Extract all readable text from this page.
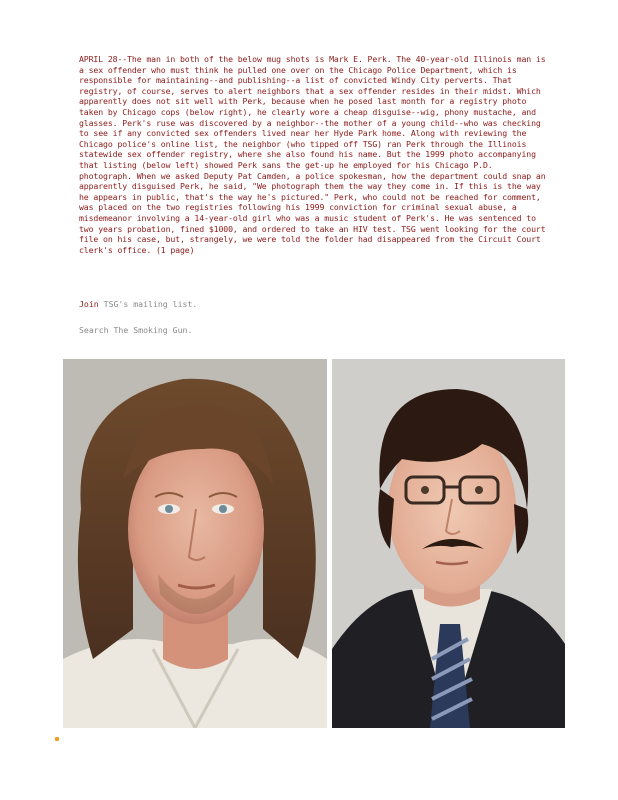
APRIL 28--The man in both of the below mug shots is Mark E. Perk. The 40-year-old Illinois man is a sex offender who must think he pulled one over on the Chicago Police Department, which is responsible for maintaining--and publishing--a list of convicted Windy City perverts. That registry, of course, serves to alert neighbors that a sex offender resides in their midst. Which apparently does not sit well with Perk, because when he posed last month for a registry photo taken by Chicago cops (below right), he clearly wore a cheap disguise--wig, phony mustache, and glasses. Perk's ruse was discovered by a neighbor--the mother of a young child--who was checking to see if any convicted sex offenders lived near her Hyde Park home. Along with reviewing the Chicago police's online list, the neighbor (who tipped off TSG) ran Perk through the Illinois statewide sex offender registry, where she also found his name. But the 1999 photo accompanying that listing (below left) showed Perk sans the get-up he employed for his Chicago P.D. photograph. When we asked Deputy Pat Camden, a police spokesman, how the department could snap an apparently disguised Perk, he said, "We photograph them the way they come in. If this is the way he appears in public, that's the way he's pictured." Perk, who could not be reached for comment, was placed on the two registries following his 1999 conviction for criminal sexual abuse, a misdemeanor involving a 14-year-old girl who was a music student of Perk's. He was sentenced to two years probation, fined $1000, and ordered to take an HIV test. TSG went looking for the court file on his case, but, strangely, we were told the folder had disappeared from the Circuit Court clerk's office. (1 page)

Join TSG's mailing list.
Search The Smoking Gun.
